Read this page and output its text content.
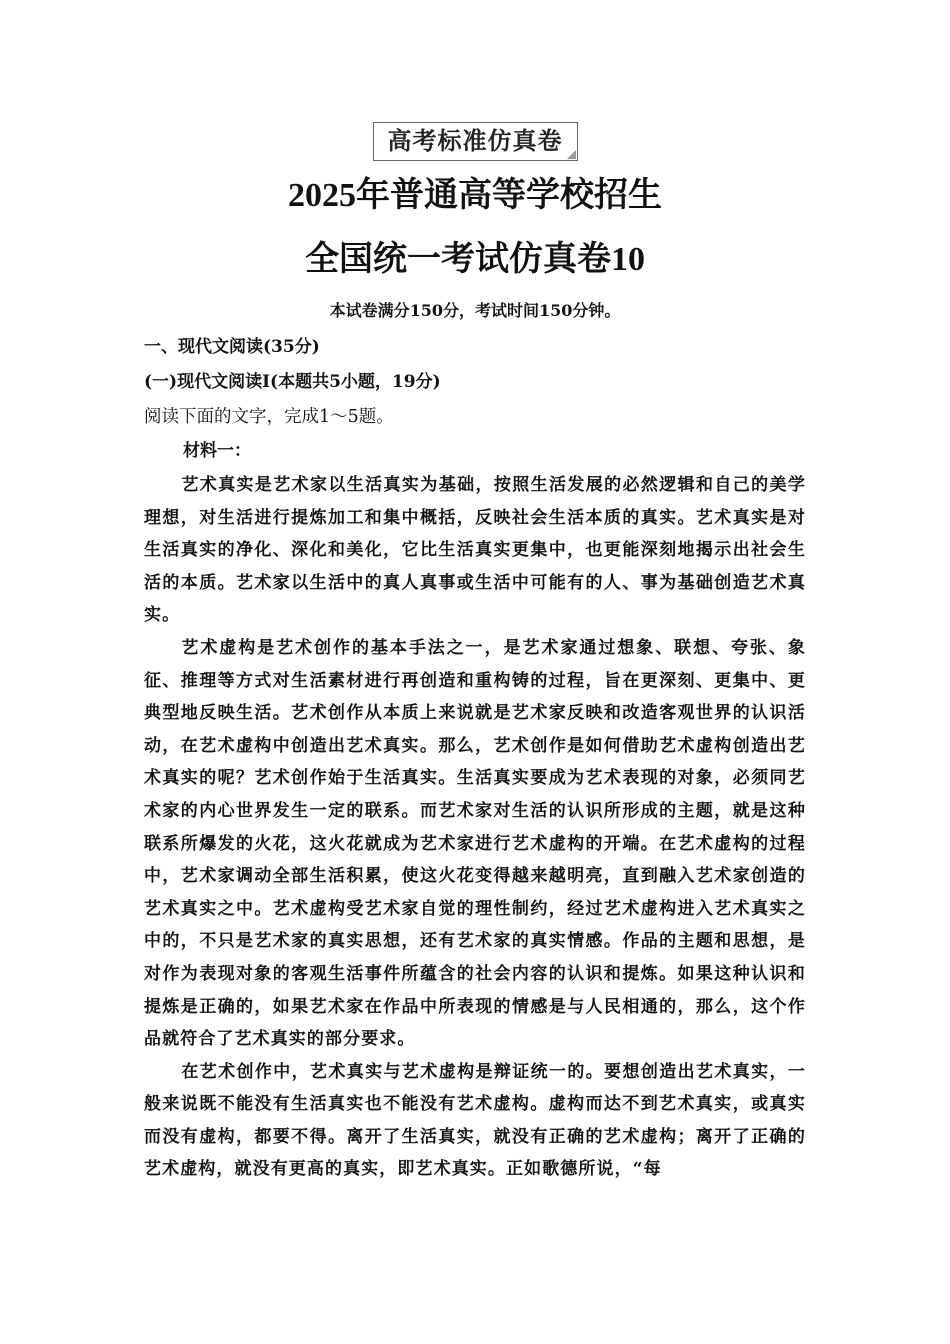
高考标准仿真卷
2025年普通高等学校招生
全国统一考试仿真卷10
本试卷满分150分，考试时间150分钟。
一、现代文阅读(35分)
(一)现代文阅读Ⅰ(本题共5小题，19分)
阅读下面的文字，完成1～5题。
材料一：

艺术真实是艺术家以生活真实为基础，按照生活发展的必然逻辑和自己的美学理想，对生活进行提炼加工和集中概括，反映社会生活本质的真实。艺术真实是对生活真实的净化、深化和美化，它比生活真实更集中，也更能深刻地揭示出社会生活的本质。艺术家以生活中的真人真事或生活中可能有的人、事为基础创造艺术真实。

艺术虚构是艺术创作的基本手法之一，是艺术家通过想象、联想、夸张、象征、推理等方式对生活素材进行再创造和重构铸的过程，旨在更深刻、更集中、更典型地反映生活。艺术创作从本质上来说就是艺术家反映和改造客观世界的认识活动，在艺术虚构中创造出艺术真实。那么，艺术创作是如何借助艺术虚构创造出艺术真实的呢？艺术创作始于生活真实。生活真实要成为艺术表现的对象，必须同艺术家的内心世界发生一定的联系。而艺术家对生活的认识所形成的主题，就是这种联系所爆发的火花，这火花就成为艺术家进行艺术虚构的开端。在艺术虚构的过程中，艺术家调动全部生活积累，使这火花变得越来越明亮，直到融入艺术家创造的艺术真实之中。艺术虚构受艺术家自觉的理性制约，经过艺术虚构进入艺术真实之中的，不只是艺术家的真实思想，还有艺术家的真实情感。作品的主题和思想，是对作为表现对象的客观生活事件所蕴含的社会内容的认识和提炼。如果这种认识和提炼是正确的，如果艺术家在作品中所表现的情感是与人民相通的，那么，这个作品就符合了艺术真实的部分要求。

在艺术创作中，艺术真实与艺术虚构是辩证统一的。要想创造出艺术真实，一般来说既不能没有生活真实也不能没有艺术虚构。虚构而达不到艺术真实，或真实而没有虚构，都要不得。离开了生活真实，就没有正确的艺术虚构；离开了正确的艺术虚构，就没有更高的真实，即艺术真实。正如歌德所说，“每
